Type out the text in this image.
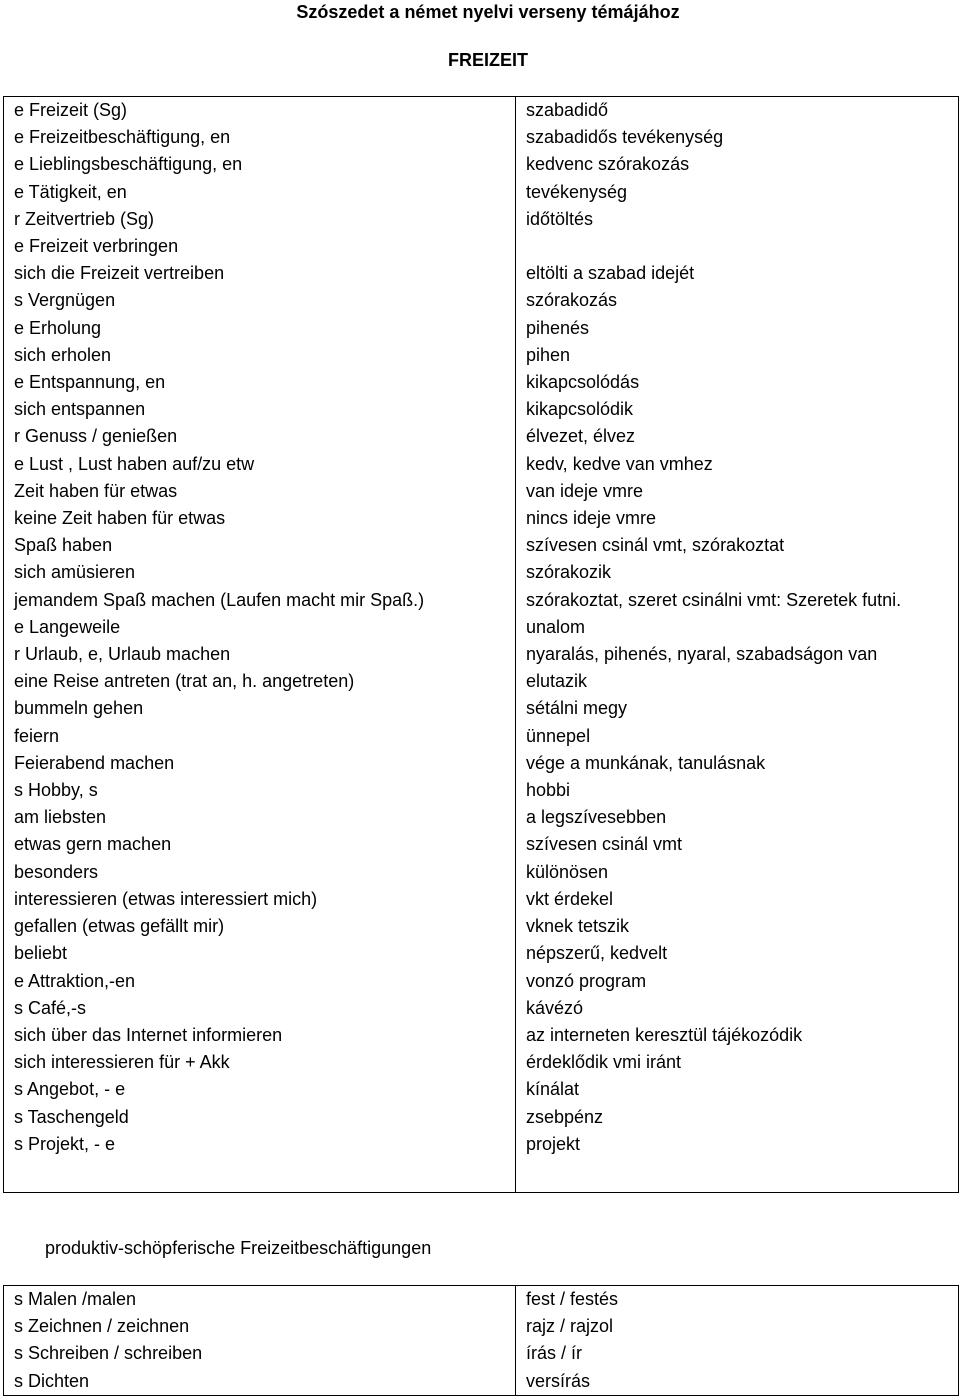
Szószedet a német nyelvi verseny témájához
FREIZEIT
e Freizeit (Sg)	szabadidő
e Freizeitbeschäftigung, en	szabadidős tevékenység
e Lieblingsbeschäftigung, en	kedvenc szórakozás
e Tätigkeit, en	tevékenység
r Zeitvertrieb (Sg)	időtöltés
e Freizeit verbringen	
sich die Freizeit vertreiben	eltölti a szabad idejét
s Vergnügen	szórakozás
e Erholung	pihenés
sich erholen	pihen
e Entspannung, en	kikapcsolódás
sich entspannen	kikapcsolódik
r Genuss / genießen	élvezet, élvez
e Lust , Lust haben auf/zu etw	kedv, kedve van vmhez
Zeit haben für etwas	van ideje vmre
keine Zeit haben für etwas	nincs ideje vmre
Spaß haben	szívesen csinál vmt, szórakoztat
sich amüsieren	szórakozik
jemandem Spaß machen (Laufen macht mir Spaß.)	szórakoztat, szeret csinálni vmt: Szeretek futni.
e Langeweile	unalom
r Urlaub, e, Urlaub machen	nyaralás, pihenés, nyaral, szabadságon van
eine Reise antreten (trat an, h. angetreten)	elutazik
bummeln gehen	sétálni megy
feiern	ünnepel
Feierabend machen	vége a munkának, tanulásnak
s Hobby, s	hobbi
am liebsten	a legszívesebben
etwas gern machen	szívesen csinál vmt
besonders	különösen
interessieren (etwas interessiert mich)	vkt érdekel
gefallen (etwas gefällt mir)	vknek tetszik
beliebt	népszerű, kedvelt
e Attraktion,-en	vonzó program
s Café,-s	kávézó
sich über das Internet informieren	az interneten keresztül tájékozódik
sich interessieren für + Akk	érdeklődik vmi iránt
s Angebot, - e	kínálat
s Taschengeld	zsebpénz
s Projekt, - e	projekt

produktiv-schöpferische Freizeitbeschäftigungen
s Malen /malen	fest / festés
s Zeichnen / zeichnen	rajz / rajzol
s Schreiben / schreiben	írás / ír
s Dichten	versírás
